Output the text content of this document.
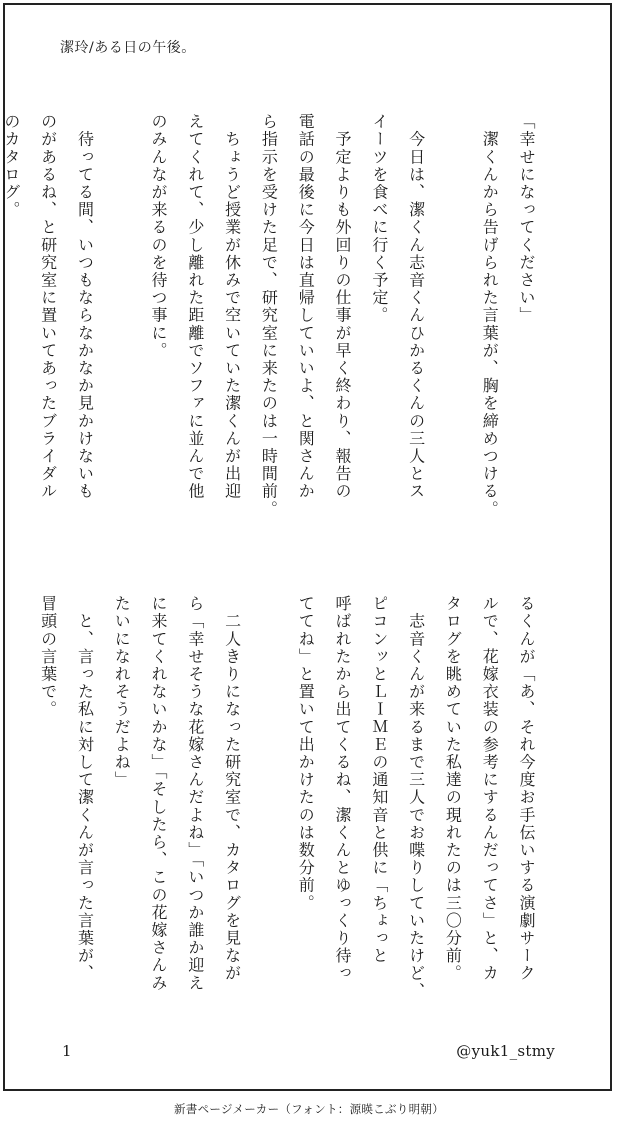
潔玲/ある日の午後。
「幸せになってください」
　潔くんから告げられた言葉が、胸を締めつける。

　今日は、潔くん志音くんひかるくんの三人とス
イーツを食べに行く予定。
　予定よりも外回りの仕事が早く終わり、報告の
電話の最後に今日は直帰していいよ、と関さんか
ら指示を受けた足で、研究室に来たのは一時間前。
　ちょうど授業が休みで空いていた潔くんが出迎
えてくれて、少し離れた距離でソファに並んで他
のみんなが来るのを待つ事に。

　待ってる間、いつもならなかなか見かけないも
のがあるね、と研究室に置いてあったブライダル
のカタログ。
るくんが「あ、それ今度お手伝いする演劇サーク
ルで、花嫁衣装の参考にするんだってさ」と、カ
タログを眺めていた私達の現れたのは三〇分前。
　志音くんが来るまで三人でお喋りしていたけど、
ピコンッとＬＩＭＥの通知音と供に「ちょっと
呼ばれたから出てくるね、潔くんとゆっくり待っ
ててね」と置いて出かけたのは数分前。

　二人きりになった研究室で、カタログを見なが
ら「幸せそうな花嫁さんだよね」「いつか誰か迎え
に来てくれないかな」「そしたら、この花嫁さんみ
たいになれそうだよね」
　と、言った私に対して潔くんが言った言葉が、
冒頭の言葉で。

1	@yuk1_stmy
新書ページメーカー（フォント：源暎こぶり明朝）
